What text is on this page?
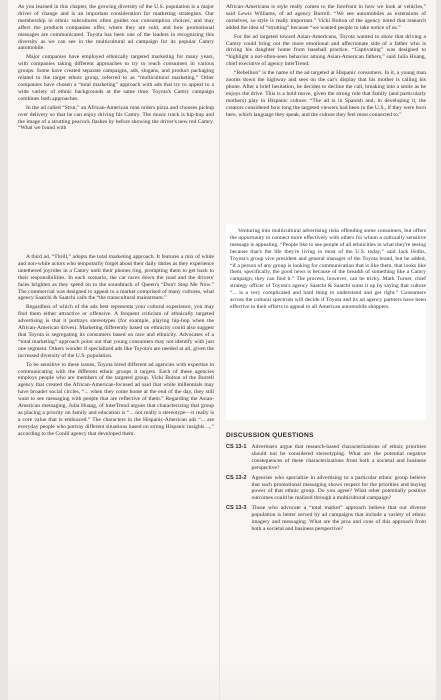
As you learned in this chapter, the growing diversity of the U.S. population is a major driver of change and is an important consideration for marketing strategists. Our membership in ethnic subcultures often guides our consumption choices, and may affect the products companies offer, where they are sold, and how promotional messages are communicated. Toyota has been one of the leaders in recognizing this diversity as we can see in the multicultural ad campaign for its popular Camry automobile.

Major companies have employed ethnically targeted marketing for many years, with companies taking different approaches to try to reach consumers in various groups. Some have created separate campaigns, ads, slogans, and product packaging related to the target ethnic group, referred to as “multicultural marketing.” Other companies have chosen a “total marketing” approach with ads that try to appeal to a wide variety of ethnic backgrounds at the same time. Toyota's Camry campaign combines both approaches.

In the ad called “Strut,” an African-American man orders pizza and chooses pickup over delivery so that he can enjoy driving his Camry. The music track is hip-hop and the image of a strutting peacock flashes by before showing the driver's new red Camry. “What we found with

African-Americans is style really comes to the forefront in how we look at vehicles,” said Lewis Williams, of ad agency Burrell. “We see automobiles as extensions of ourselves, so style is really important.” Vicki Bolton of the agency noted that research added the idea of “strutting” because “we wanted people to take notice of us.”

For the ad targeted toward Asian-Americans, Toyota wanted to show that driving a Camry could bring out the more emotional and affectionate side of a father who is driving his daughter home from baseball practice. “Captivating” was designed to “highlight a not-often-seen behavior among Asian-American fathers,” said Julia Huang, chief executive of agency interTrend.

“Rebellion” is the name of the ad targeted at Hispanic consumers. In it, a young man zooms down the highway and sees on the car's display that his mother is calling his phone. After a brief hesitation, he decides to decline the call, breaking into a smile as he enjoys the drive. This is a bold move, given the strong role that family (and particularly mothers) play in Hispanic culture. “The ad is in Spanish and, in developing it, the creators considered how long the targeted viewers had been in the U.S., if they were born here, which language they speak, and the culture they feel most connected to.”

A third ad, “Thrill,” adopts the total marketing approach. It features a mix of white and non-white actors who temporarily forget about their daily duties as they experience untethered joyrides in a Camry until their phones ring, prompting them to get back to their responsibilities. In each scenario, the car races down the road and the drivers' faces brighten as they speed on to the soundtrack of Queen's “Don't Stop Me Now.” The commercial was designed to appeal to a market comprised of many cultures, what agency Saatchi & Saatchi calls the “the transcultural mainstream.”

Regardless of which of the ads best represents your cultural experience, you may find them either attractive or offensive. A frequent criticism of ethnically targeted advertising is that it portrays stereotypes (for example, playing hip-hop when the African-American drives). Marketing differently based on ethnicity could also suggest that Toyota is segregating its consumers based on race and ethnicity. Advocates of a “total marketing” approach point out that young consumers may not identify with just one segment. Others wonder if specialized ads like Toyota's are needed at all, given the increased diversity of the U.S. population.

To be sensitive to these issues, Toyota hired different ad agencies with expertise in communicating with the different ethnic groups it targets. Each of these agencies employs people who are members of the targeted group. Vicki Bolton of the Burrell agency that created the African-American-focused ad said that white millennials may have broader social circles, “... when they come home at the end of the day, they still want to see messaging with people that are reflective of them.” Regarding the Asian-American messaging, Julia Huang, of interTrend argues that characterizing that group as placing a priority on family and education is “... not really a stereotype—it really is a core value that is embraced.” The characters in the Hispanic-American ads “... are everyday people who portray different situations based on strong Hispanic insights ...,” according to the Conill agency that developed them.

Venturing into multicultural advertising risks offending some consumers, but offers the opportunity to connect more effectively with others for whom a culturally sensitive message is appealing. “People like to see people of all ethnicities in what they're seeing because that's the life they're living in most of the U.S. today,” said Jack Hollis, Toyota's group vice president and general manager of the Toyota brand, but he added, “if a person of any group is looking for communication that is like them, that looks like them, specifically, the good news is because of the breadth of something like a Camry campaign, they can find it.” The process, however, can be tricky. Mark Turner, chief strategy officer of Toyota's agency Saatchi & Saatchi sums it up by saying that culture “... is a very complicated and hard thing to understand and get right.” Consumers across the cultural spectrum will decide if Toyota and its ad agency partners have been effective in their efforts to appeal to all American automobile shoppers.

DISCUSSION QUESTIONS
CS 13-1 Advertisers argue that research-based characterizations of ethnic priorities should not be considered stereotyping. What are the potential negative consequences of these characterizations from both a societal and business perspective?
CS 13-2 Agencies who specialize in advertising to a particular ethnic group believe that such promotional messaging shows respect for the priorities and buying power of that ethnic group. Do you agree? What other potentially positive outcomes could be realized through a multicultural campaign?
CS 13-3 Those who advocate a “total market” approach believe that our diverse population is better served by ad campaigns that include a variety of ethnic imagery and messaging. What are the pros and cons of this approach from both a societal and business perspective?
